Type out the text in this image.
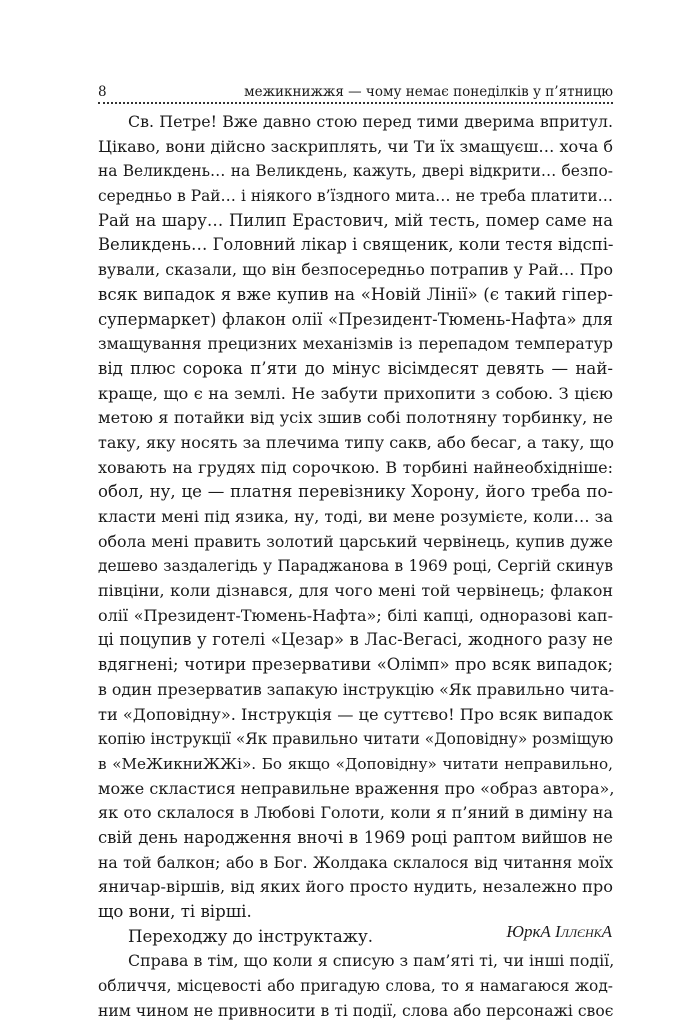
8	межикнижжя — чому немає понеділків у п’ятницю
Св. Петре! Вже давно стою перед тими дверима впритул.
Цікаво, вони дійсно заскриплять, чи Ти їх змащуєш… хоча б
на Великдень… на Великдень, кажуть, двері відкрити… безпо-
середньо в Рай… і ніякого в’їздного мита… не треба платити…
Рай на шару… Пилип Ерастович, мій тесть, помер саме на
Великдень… Головний лікар і священик, коли тестя відспі-
вували, сказали, що він безпосередньо потрапив у Рай… Про
всяк випадок я вже купив на «Новій Лінії» (є такий гіпер-
супермаркет) флакон олії «Президент-Тюмень-Нафта» для
змащування прецизних механізмів із перепадом температур
від плюс сорока п’яти до мінус вісімдесят девять — най-
краще, що є на землі. Не забути прихопити з собою. З цією
метою я потайки від усіх зшив собі полотняну торбинку, не
таку, яку носять за плечима типу сакв, або бесаг, а таку, що
ховають на грудях під сорочкою. В торбині найнеобхідніше:
обол, ну, це — платня перевізнику Хорону, його треба по-
класти мені під язика, ну, тоді, ви мене розумієте, коли… за
обола мені править золотий царський червінець, купив дуже
дешево заздалегідь у Параджанова в 1969 році, Сергій скинув
півціни, коли дізнався, для чого мені той червінець; флакон
олії «Президент-Тюмень-Нафта»; білі капці, одноразові кап-
ці поцупив у готелі «Цезар» в Лас-Вегасі, жодного разу не
вдягнені; чотири презервативи «Олімп» про всяк випадок;
в один презерватив запакую інструкцію «Як правильно чита-
ти «Доповідну». Інструкція — це суттєво! Про всяк випадок
копію інструкції «Як правильно читати «Доповідну» розміщую
в «МеЖикниЖЖі». Бо якщо «Доповідну» читати неправильно,
може скластися неправильне враження про «образ автора»,
як ото склалося в Любові Голоти, коли я п’яний в диміну на
свій день народження вночі в 1969 році раптом вийшов не
на той балкон; або в Бог. Жолдака склалося від читання моїх
яничар-віршів, від яких його просто нудить, незалежно про
що вони, ті вірші.
Переходжу до інструктажу.
Справа в тім, що коли я списую з пам’яті ті, чи інші події,
обличчя, місцевості або пригадую слова, то я намагаюся жод-
ним чином не привносити в ті події, слова або персонажі своє
ЮркА ІллєнкА
